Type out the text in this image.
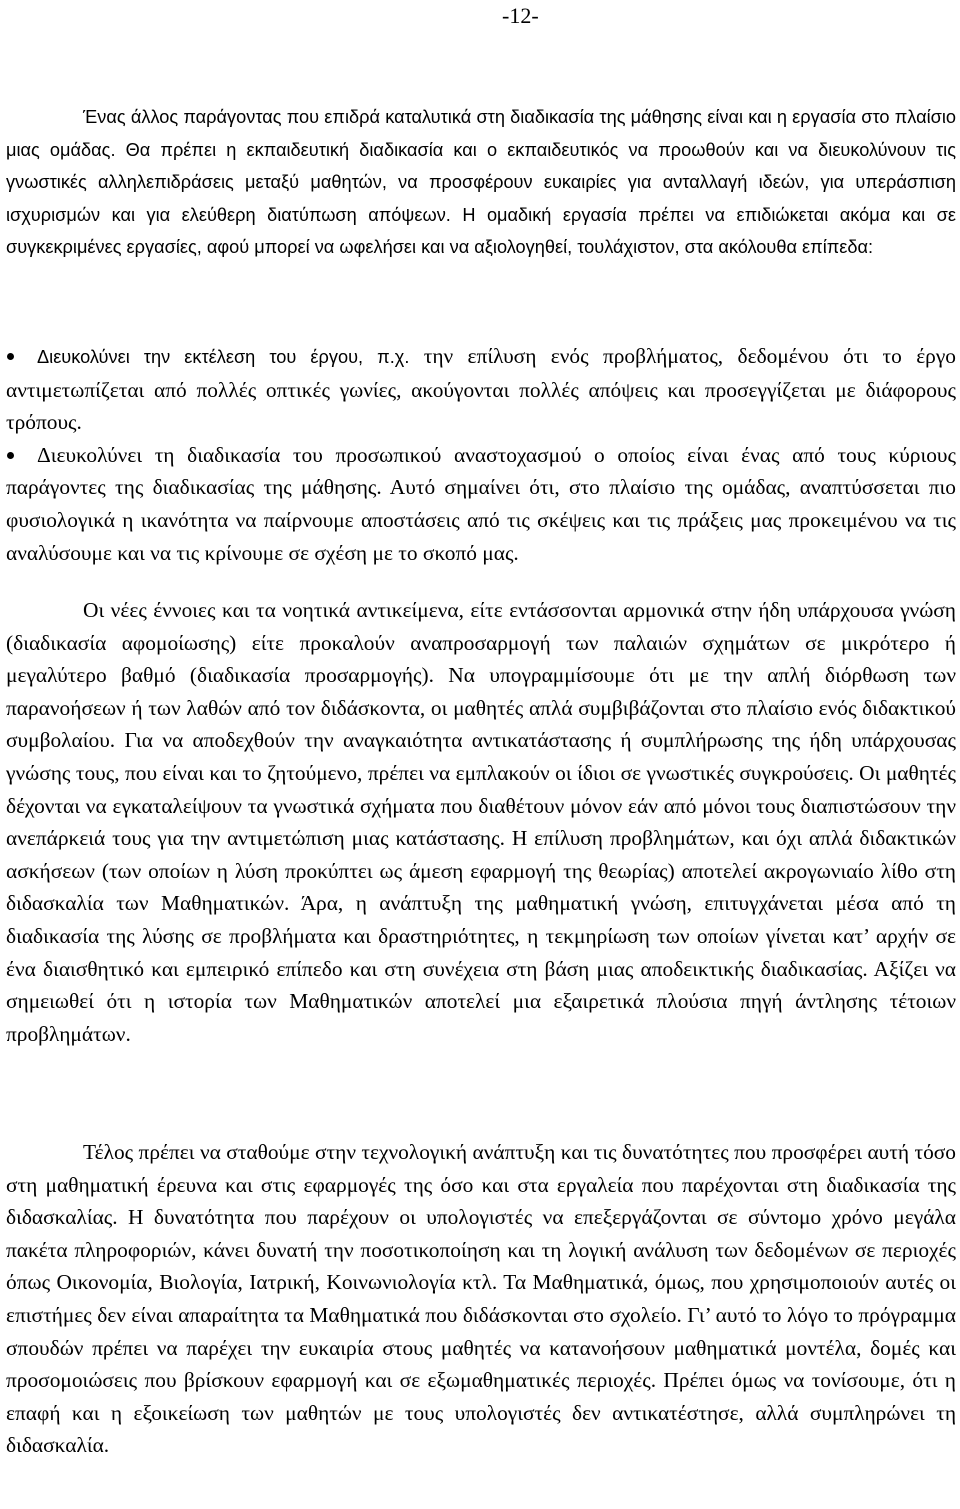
-12-

Ένας άλλος παράγοντας που επιδρά καταλυτικά στη διαδικασία της μάθησης είναι και η εργασία στο πλαίσιο μιας ομάδας. Θα πρέπει η εκπαιδευτική διαδικασία και ο εκπαιδευτικός να προωθούν και να διευκολύνουν τις γνωστικές αλληλεπιδράσεις μεταξύ μαθητών, να προσφέρουν ευκαιρίες για ανταλλαγή ιδεών, για υπεράσπιση ισχυρισμών και για ελεύθερη διατύπωση απόψεων. Η ομαδική εργασία πρέπει να επιδιώκεται ακόμα και σε συγκεκριμένες εργασίες, αφού μπορεί να ωφελήσει και να αξιολογηθεί, τουλάχιστον, στα ακόλουθα επίπεδα:

Διευκολύνει την εκτέλεση του έργου, π.χ. την επίλυση ενός προβλήματος, δεδομένου ότι το έργο αντιμετωπίζεται από πολλές οπτικές γωνίες, ακούγονται πολλές απόψεις και προσεγγίζεται με διάφορους τρόπους.

Διευκολύνει τη διαδικασία του προσωπικού αναστοχασμού ο οποίος είναι ένας από τους κύριους παράγοντες της διαδικασίας της μάθησης. Αυτό σημαίνει ότι, στο πλαίσιο της ομάδας, αναπτύσσεται πιο φυσιολογικά η ικανότητα να παίρνουμε αποστάσεις από τις σκέψεις και τις πράξεις μας προκειμένου να τις αναλύσουμε και να τις κρίνουμε σε σχέση με το σκοπό μας.

Οι νέες έννοιες και τα νοητικά αντικείμενα, είτε εντάσσονται αρμονικά στην ήδη υπάρχουσα γνώση (διαδικασία αφομοίωσης) είτε προκαλούν αναπροσαρμογή των παλαιών σχημάτων σε μικρότερο ή μεγαλύτερο βαθμό (διαδικασία προσαρμογής). Να υπογραμμίσουμε ότι με την απλή διόρθωση των παρανοήσεων ή των λαθών από τον διδάσκοντα, οι μαθητές απλά συμβιβάζονται στο πλαίσιο ενός διδακτικού συμβολαίου. Για να αποδεχθούν την αναγκαιότητα αντικατάστασης ή συμπλήρωσης της ήδη υπάρχουσας γνώσης τους, που είναι και το ζητούμενο, πρέπει να εμπλακούν οι ίδιοι σε γνωστικές συγκρούσεις. Οι μαθητές δέχονται να εγκαταλείψουν τα γνωστικά σχήματα που διαθέτουν μόνον εάν από μόνοι τους διαπιστώσουν την ανεπάρκειά τους για την αντιμετώπιση μιας κατάστασης. Η επίλυση προβλημάτων, και όχι απλά διδακτικών ασκήσεων (των οποίων η λύση προκύπτει ως άμεση εφαρμογή της θεωρίας) αποτελεί ακρογωνιαίο λίθο στη διδασκαλία των Μαθηματικών. Άρα, η ανάπτυξη της μαθηματική γνώση, επιτυγχάνεται μέσα από τη διαδικασία της λύσης σε προβλήματα και δραστηριότητες, η τεκμηρίωση των οποίων γίνεται κατ’ αρχήν σε ένα διαισθητικό και εμπειρικό επίπεδο και στη συνέχεια στη βάση μιας αποδεικτικής διαδικασίας. Αξίζει να σημειωθεί ότι η ιστορία των Μαθηματικών αποτελεί μια εξαιρετικά πλούσια πηγή άντλησης τέτοιων προβλημάτων.

Τέλος πρέπει να σταθούμε στην τεχνολογική ανάπτυξη και τις δυνατότητες που προσφέρει αυτή τόσο στη μαθηματική έρευνα και στις εφαρμογές της όσο και στα εργαλεία που παρέχονται στη διαδικασία της διδασκαλίας. Η δυνατότητα που παρέχουν οι υπολογιστές να επεξεργάζονται σε σύντομο χρόνο μεγάλα πακέτα πληροφοριών, κάνει δυνατή την ποσοτικοποίηση και τη λογική ανάλυση των δεδομένων σε περιοχές όπως Οικονομία, Βιολογία, Ιατρική, Κοινωνιολογία κτλ. Τα Μαθηματικά, όμως, που χρησιμοποιούν αυτές οι επιστήμες δεν είναι απαραίτητα τα Μαθηματικά που διδάσκονται στο σχολείο. Γι’ αυτό το λόγο το πρόγραμμα σπουδών πρέπει να παρέχει την ευκαιρία στους μαθητές να κατανοήσουν μαθηματικά μοντέλα, δομές και προσομοιώσεις που βρίσκουν εφαρμογή και σε εξωμαθηματικές περιοχές. Πρέπει όμως να τονίσουμε, ότι η επαφή και η εξοικείωση των μαθητών με τους υπολογιστές δεν αντικατέστησε, αλλά συμπληρώνει τη διδασκαλία.
